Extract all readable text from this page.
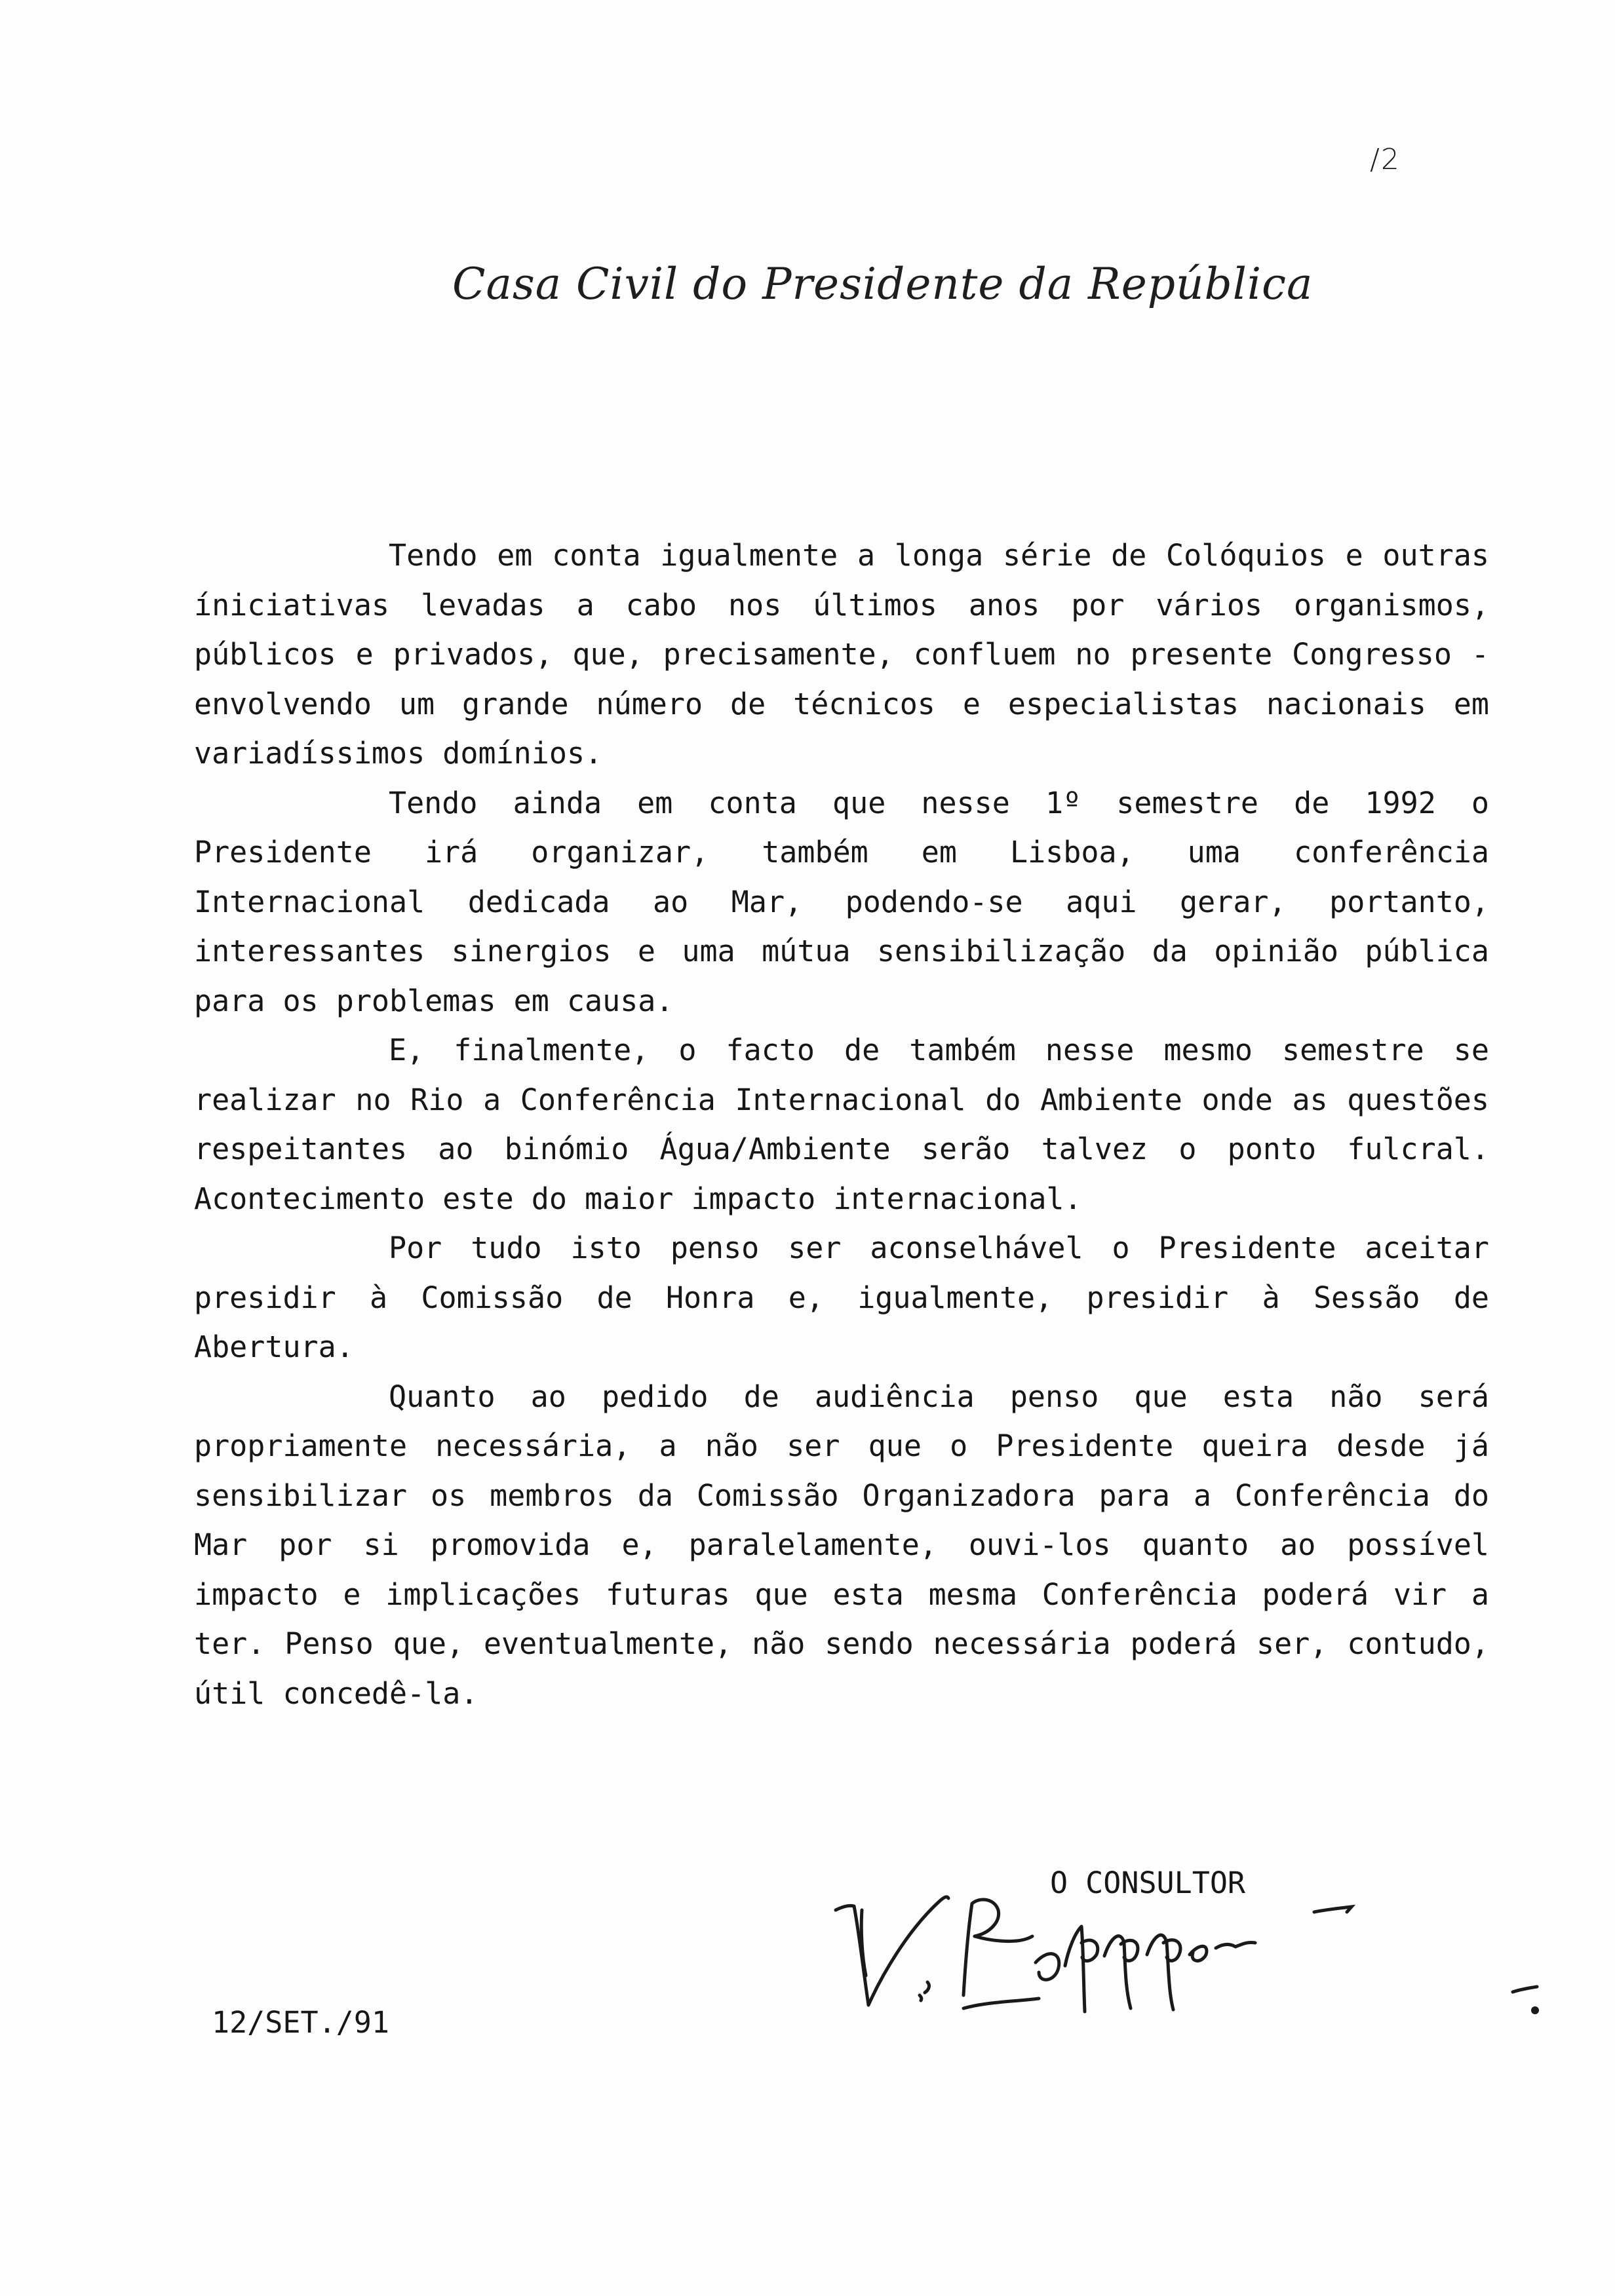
/2
Casa Civil do Presidente da República

Tendo em conta igualmente a longa série de Colóquios e outras íniciativas levadas a cabo nos últimos anos por vários organismos, públicos e privados, que, precisamente, confluem no presente Congresso - envolvendo um grande número de técnicos e especialistas nacionais em variadíssimos domínios.

Tendo ainda em conta que nesse 1º semestre de 1992 o Presidente irá organizar, também em Lisboa, uma conferência Internacional dedicada ao Mar, podendo-se aqui gerar, portanto, interessantes sinergios e uma mútua sensibilização da opinião pública para os problemas em causa.

E, finalmente, o facto de também nesse mesmo semestre se realizar no Rio a Conferência Internacional do Ambiente onde as questões respeitantes ao binómio Água/Ambiente serão talvez o ponto fulcral. Acontecimento este do maior impacto internacional.

Por tudo isto penso ser aconselhável o Presidente aceitar presidir à Comissão de Honra e, igualmente, presidir à Sessão de Abertura.

Quanto ao pedido de audiência penso que esta não será propriamente necessária, a não ser que o Presidente queira desde já sensibilizar os membros da Comissão Organizadora para a Conferência do Mar por si promovida e, paralelamente, ouvi-los quanto ao possível impacto e implicações futuras que esta mesma Conferência poderá vir a ter. Penso que, eventualmente, não sendo necessária poderá ser, contudo, útil concedê-la.

O CONSULTOR
12/SET./91
